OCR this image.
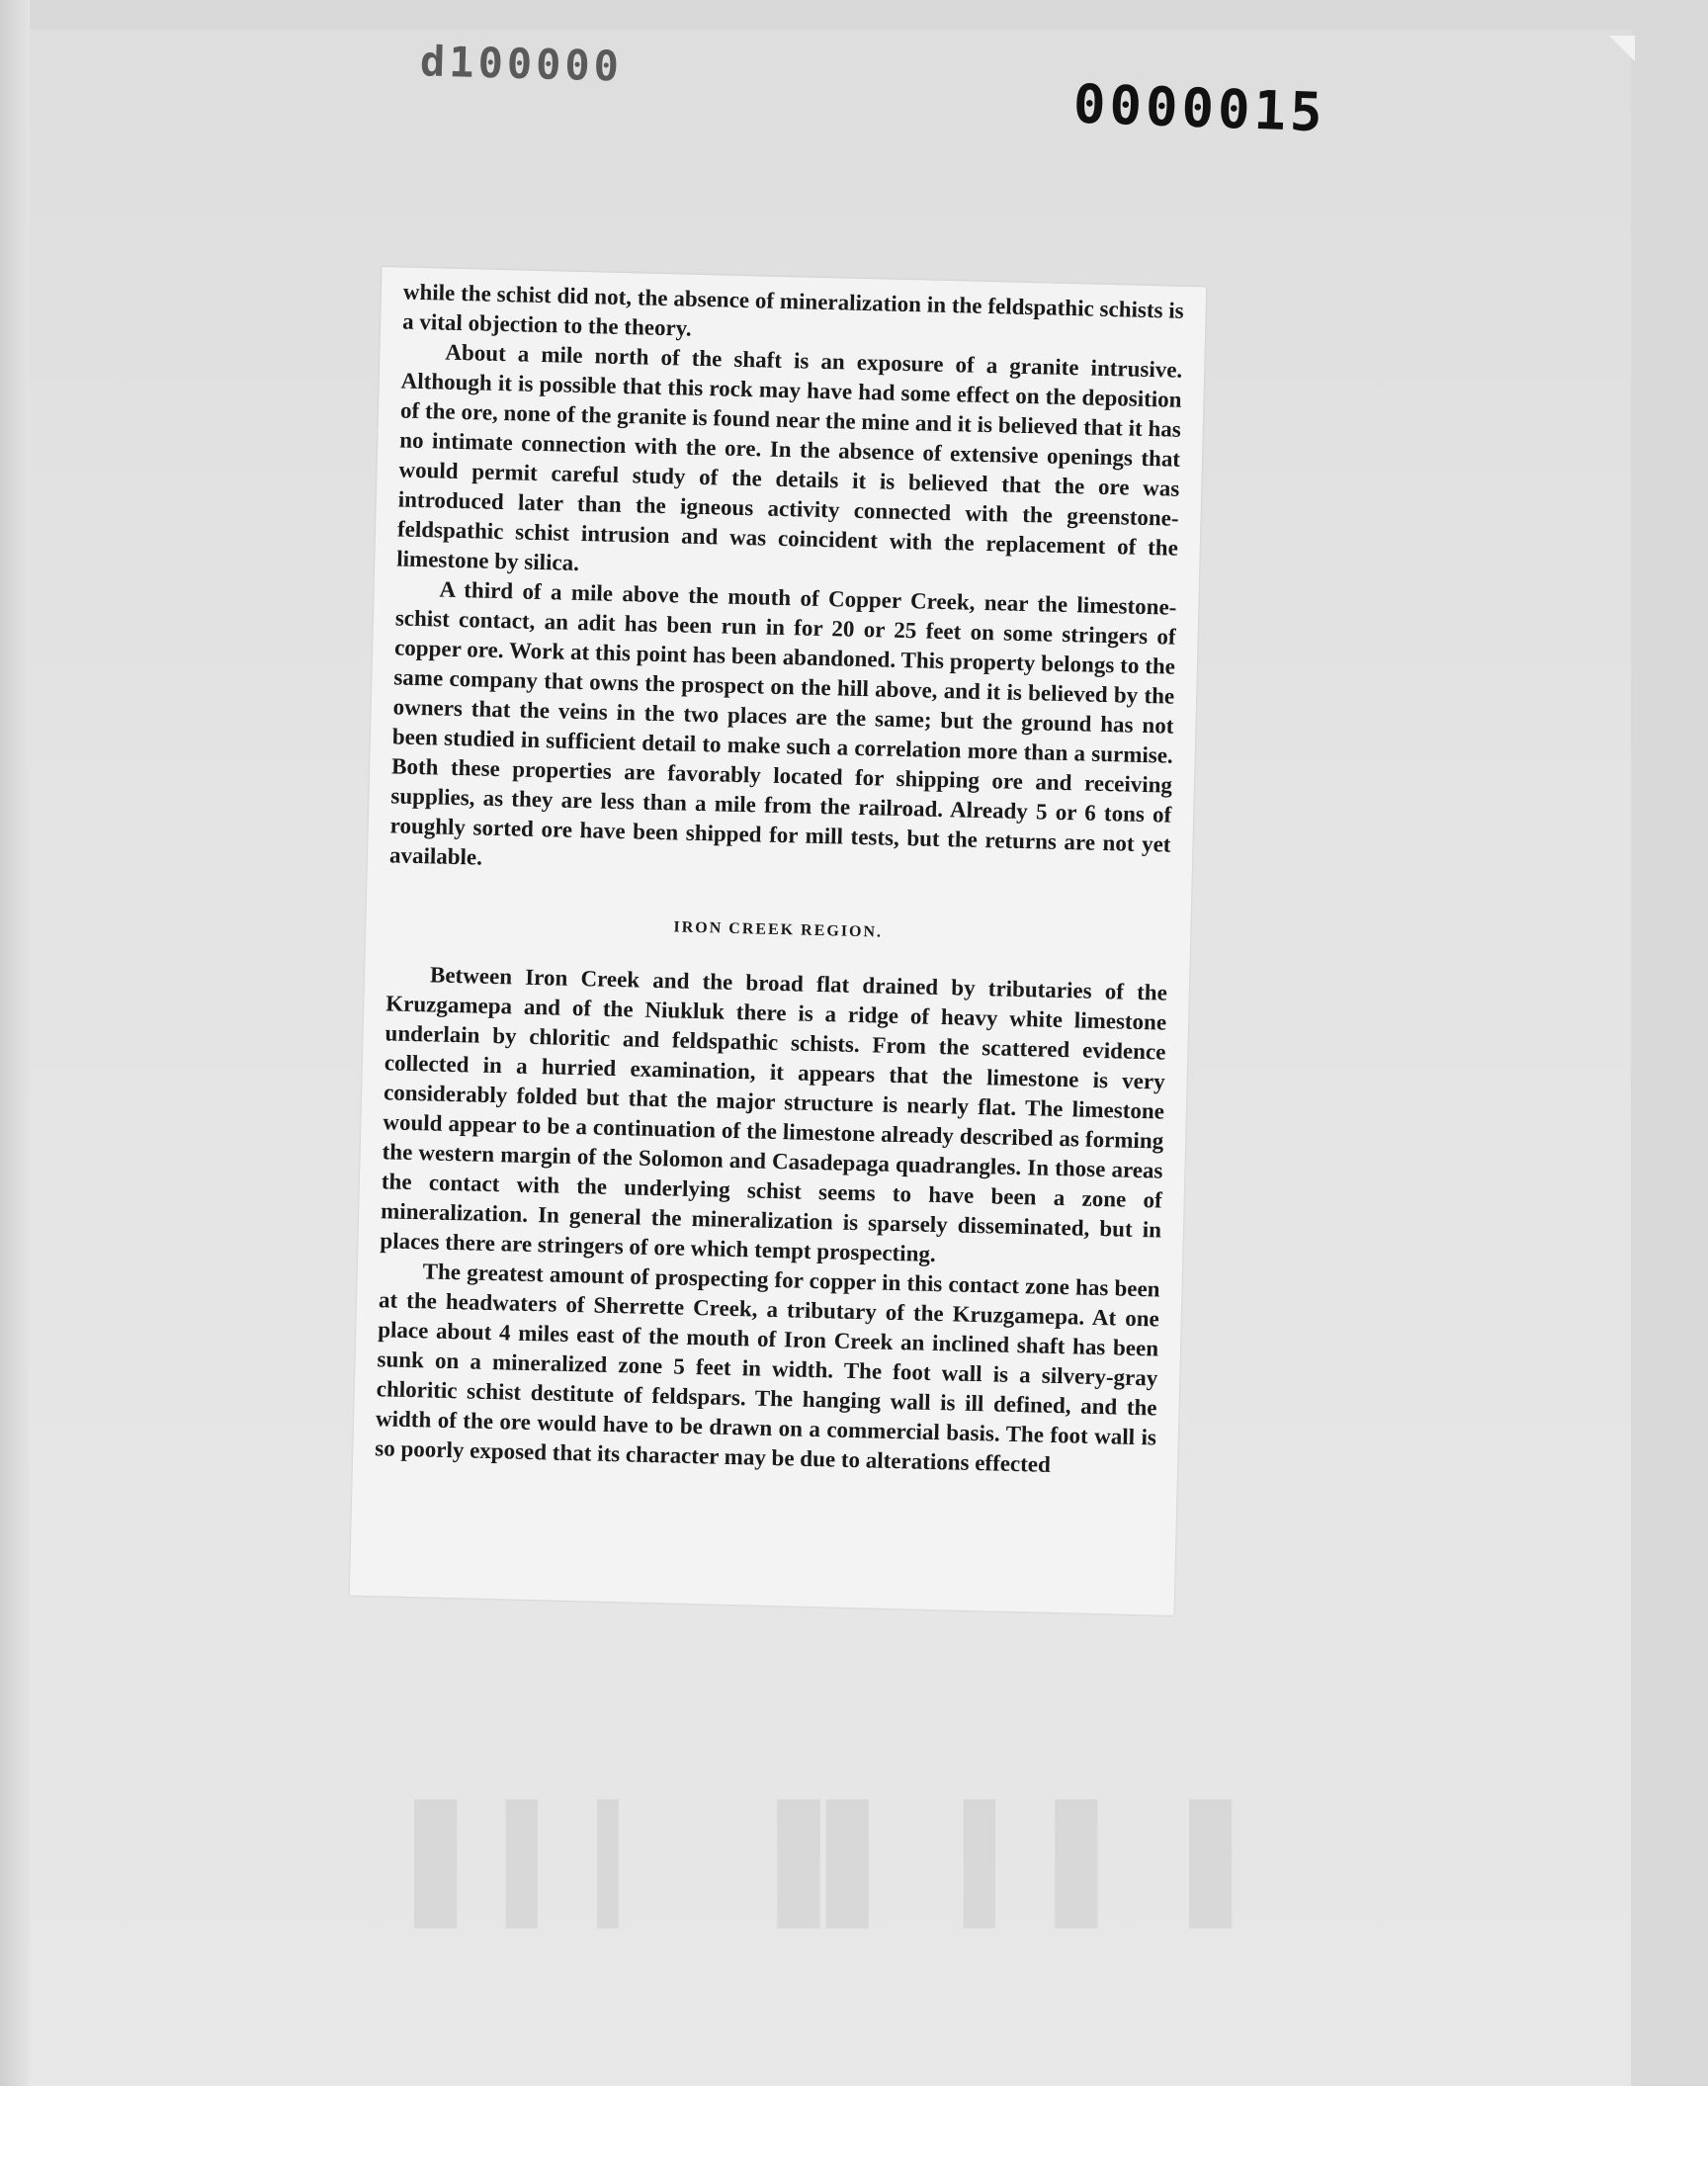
d100000
0000015
▌▍▎ ▐▌ ▍▌▐

while the schist did not, the absence of mineralization in the feldspathic schists is a vital objection to the theory.

About a mile north of the shaft is an exposure of a granite intrusive. Although it is possible that this rock may have had some effect on the deposition of the ore, none of the granite is found near the mine and it is believed that it has no intimate connection with the ore. In the absence of extensive openings that would permit careful study of the details it is believed that the ore was introduced later than the igneous activity connected with the greenstone-feldspathic schist intrusion and was coincident with the replacement of the limestone by silica.

A third of a mile above the mouth of Copper Creek, near the limestone-schist contact, an adit has been run in for 20 or 25 feet on some stringers of copper ore. Work at this point has been abandoned. This property belongs to the same company that owns the prospect on the hill above, and it is believed by the owners that the veins in the two places are the same; but the ground has not been studied in sufficient detail to make such a correlation more than a surmise. Both these properties are favorably located for shipping ore and receiving supplies, as they are less than a mile from the railroad. Already 5 or 6 tons of roughly sorted ore have been shipped for mill tests, but the returns are not yet available.

IRON CREEK REGION.

Between Iron Creek and the broad flat drained by tributaries of the Kruzgamepa and of the Niukluk there is a ridge of heavy white limestone underlain by chloritic and feldspathic schists. From the scattered evidence collected in a hurried examination, it appears that the limestone is very considerably folded but that the major structure is nearly flat. The limestone would appear to be a continuation of the limestone already described as forming the western margin of the Solomon and Casadepaga quadrangles. In those areas the contact with the underlying schist seems to have been a zone of mineralization. In general the mineralization is sparsely disseminated, but in places there are stringers of ore which tempt prospecting.

The greatest amount of prospecting for copper in this contact zone has been at the headwaters of Sherrette Creek, a tributary of the Kruzgamepa. At one place about 4 miles east of the mouth of Iron Creek an inclined shaft has been sunk on a mineralized zone 5 feet in width. The foot wall is a silvery-gray chloritic schist destitute of feldspars. The hanging wall is ill defined, and the width of the ore would have to be drawn on a commercial basis. The foot wall is so poorly exposed that its character may be due to alterations effected
